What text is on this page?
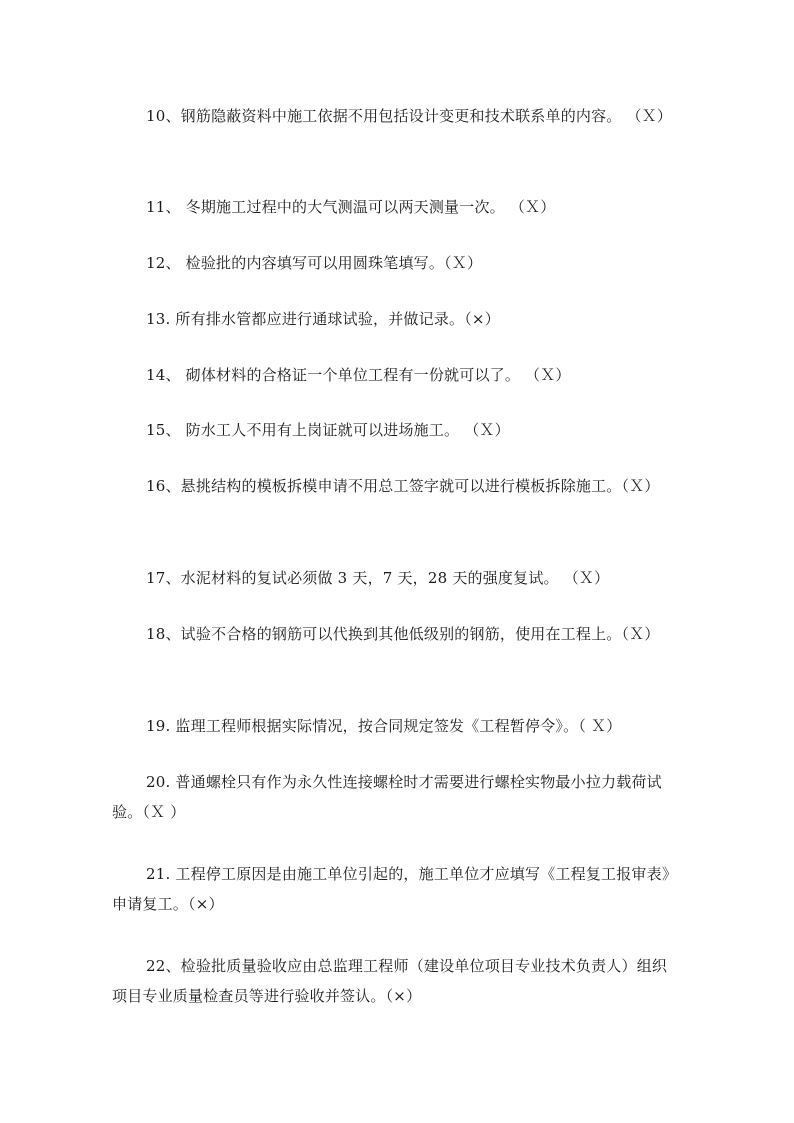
10、钢筋隐蔽资料中施工依据不用包括设计变更和技术联系单的内容。 （Ｘ）

11、 冬期施工过程中的大气测温可以两天测量一次。 （Ｘ）

12、 检验批的内容填写可以用圆珠笔填写。（Ｘ）

13. 所有排水管都应进行通球试验，并做记录。（×）

14、 砌体材料的合格证一个单位工程有一份就可以了。 （Ｘ）

15、 防水工人不用有上岗证就可以进场施工。 （Ｘ）

16、悬挑结构的模板拆模申请不用总工签字就可以进行模板拆除施工。（Ｘ）

17、水泥材料的复试必须做 3 天，7 天，28 天的强度复试。 （Ｘ）

18、试验不合格的钢筋可以代换到其他低级别的钢筋，使用在工程上。（Ｘ）

19. 监理工程师根据实际情况，按合同规定签发《工程暂停令》。（ Ｘ）

20. 普通螺栓只有作为永久性连接螺栓时才需要进行螺栓实物最小拉力载荷试验。（Ｘ ）

21. 工程停工原因是由施工单位引起的，施工单位才应填写《工程复工报审表》申请复工。（×）

22、检验批质量验收应由总监理工程师（建设单位项目专业技术负责人）组织项目专业质量检查员等进行验收并签认。（×）
